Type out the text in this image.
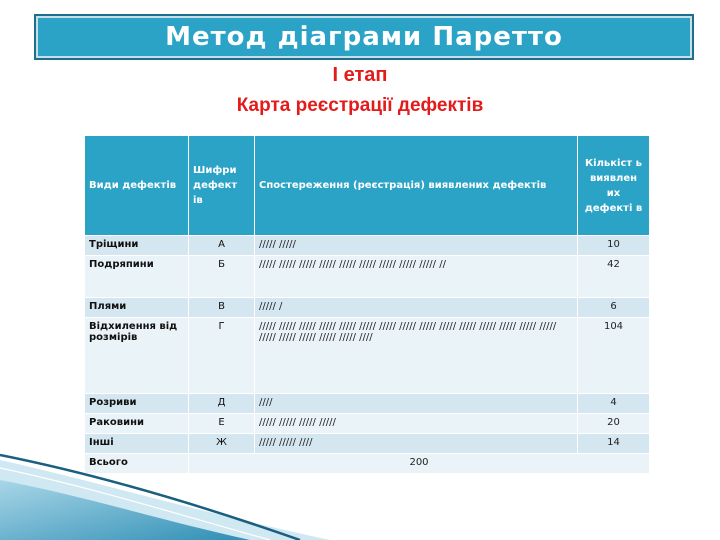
Метод діаграми Паретто
І етап
Карта реєстрації дефектів
Види дефектів	Шифри дефект ів	Спостереження (реєстрація) виявлених дефектів	Кількіст ь виявлен их дефекті в
Тріщини	А	///// /////	10
Подряпини	Б	///// ///// ///// ///// ///// ///// ///// ///// ///// //	42
Плями	В	///// /	6
Відхилення від розмірів	Г	///// ///// ///// ///// ///// ///// ///// ///// ///// ///// ///// ///// ///// ///// ///// ///// ///// ///// ///// ///// ////	104
Розриви	Д	////	4
Раковини	Е	///// ///// ///// /////	20
Інші	Ж	///// ///// ////	14
Всього	200		
